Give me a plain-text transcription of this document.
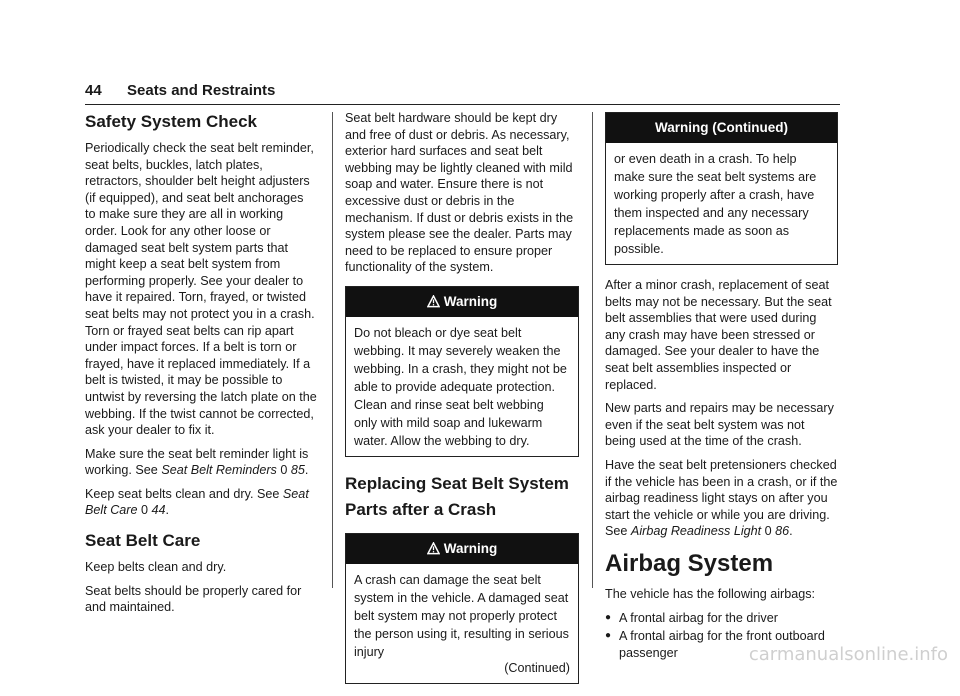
44 Seats and Restraints
Safety System Check

Periodically check the seat belt reminder, seat belts, buckles, latch plates, retractors, shoulder belt height adjusters (if equipped), and seat belt anchorages to make sure they are all in working order. Look for any other loose or damaged seat belt system parts that might keep a seat belt system from performing properly. See your dealer to have it repaired. Torn, frayed, or twisted seat belts may not protect you in a crash. Torn or frayed seat belts can rip apart under impact forces. If a belt is torn or frayed, have it replaced immediately. If a belt is twisted, it may be possible to untwist by reversing the latch plate on the webbing. If the twist cannot be corrected, ask your dealer to fix it.

Make sure the seat belt reminder light is working. See Seat Belt Reminders 0 85.

Keep seat belts clean and dry. See Seat Belt Care 0 44.

Seat Belt Care

Keep belts clean and dry.

Seat belts should be properly cared for and maintained.

Seat belt hardware should be kept dry and free of dust or debris. As necessary, exterior hard surfaces and seat belt webbing may be lightly cleaned with mild soap and water. Ensure there is not excessive dust or debris in the mechanism. If dust or debris exists in the system please see the dealer. Parts may need to be replaced to ensure proper functionality of the system.

Warning
Do not bleach or dye seat belt webbing. It may severely weaken the webbing. In a crash, they might not be able to provide adequate protection. Clean and rinse seat belt webbing only with mild soap and lukewarm water. Allow the webbing to dry.
Replacing Seat Belt System Parts after a Crash
Warning
A crash can damage the seat belt system in the vehicle. A damaged seat belt system may not properly protect the person using it, resulting in serious injury
(Continued)
Warning (Continued)
or even death in a crash. To help make sure the seat belt systems are working properly after a crash, have them inspected and any necessary replacements made as soon as possible.

After a minor crash, replacement of seat belts may not be necessary. But the seat belt assemblies that were used during any crash may have been stressed or damaged. See your dealer to have the seat belt assemblies inspected or replaced.

New parts and repairs may be necessary even if the seat belt system was not being used at the time of the crash.

Have the seat belt pretensioners checked if the vehicle has been in a crash, or if the airbag readiness light stays on after you start the vehicle or while you are driving. See Airbag Readiness Light 0 86.

Airbag System

The vehicle has the following airbags:

● A frontal airbag for the driver
● A frontal airbag for the front outboard passenger	carmanualsonline.info
